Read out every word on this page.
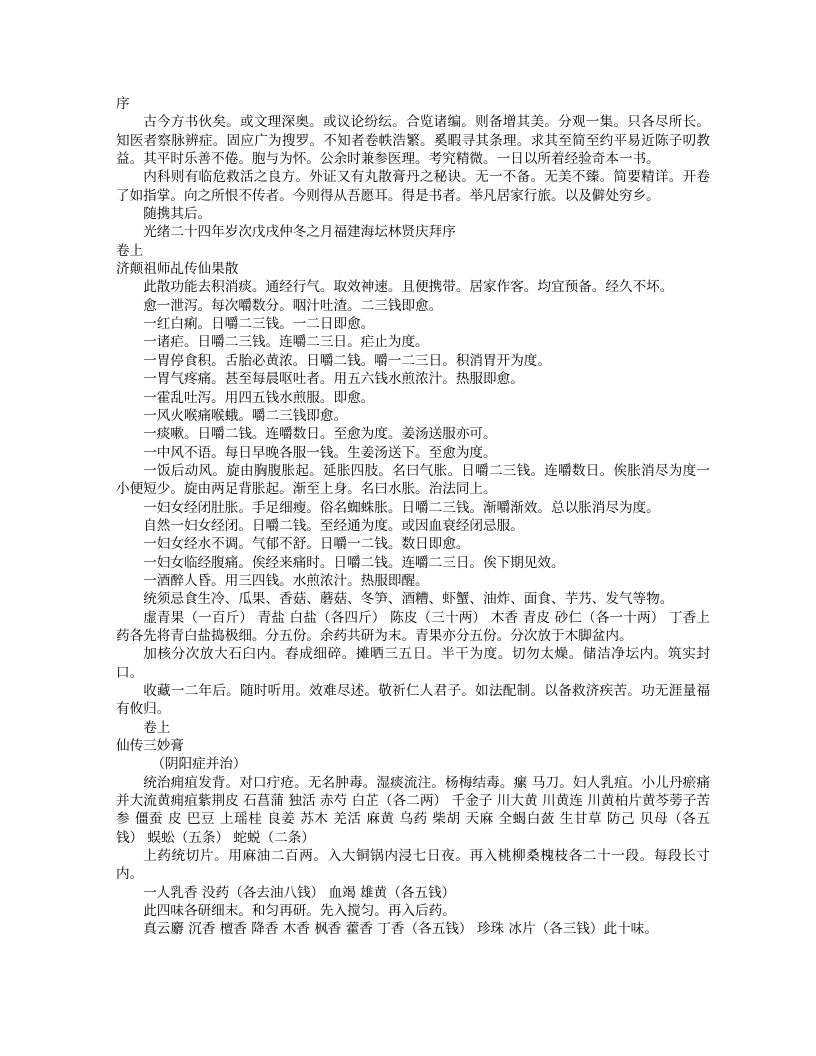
序

古今方书伙矣。或文理深奥。或议论纷纭。合览诸编。则备增其美。分观一集。只各尽所长。知医者察脉辨症。固应广为搜罗。不知者卷帙浩繁。奚暇寻其条理。求其至简至约平易近陈子叨教益。其平时乐善不倦。胞与为怀。公余时兼参医理。考究精微。一日以所着经验奇本一书。

内科则有临危救活之良方。外证又有丸散膏丹之秘诀。无一不备。无美不臻。简要精详。开卷了如指掌。向之所恨不传者。今则得从吾愿耳。得是书者。举凡居家行旅。以及僻处穷乡。

随携其后。

光绪二十四年岁次戊戌仲冬之月福建海坛林贤庆拜序

卷上
济颠祖师乩传仙果散

此散功能去积消痰。通经行气。取效神速。且便携带。居家作客。均宜预备。经久不坏。

愈一泄泻。每次嚼数分。咽汁吐渣。二三钱即愈。

一红白痢。日嚼二三钱。一二日即愈。

一诸疟。日嚼二三钱。连嚼二三日。疟止为度。

一胃停食积。舌胎必黄浓。日嚼二钱。嚼一二三日。积消胃开为度。

一胃气疼痛。甚至每晨呕吐者。用五六钱水煎浓汁。热服即愈。

一霍乱吐泻。用四五钱水煎服。即愈。

一风火喉痛喉蛾。嚼二三钱即愈。

一痰嗽。日嚼二钱。连嚼数日。至愈为度。姜汤送服亦可。

一中风不语。每日早晚各服一钱。生姜汤送下。至愈为度。

一饭后动风。旋由胸腹胀起。延胀四肢。名曰气胀。日嚼二三钱。连嚼数日。俟胀消尽为度一小便短少。旋由两足背胀起。渐至上身。名曰水胀。治法同上。

一妇女经闭肚胀。手足细瘦。俗名蜘蛛胀。日嚼二三钱。渐嚼渐效。总以胀消尽为度。

自然一妇女经闭。日嚼二钱。至经通为度。或因血衰经闭忌服。

一妇女经水不调。气郁不舒。日嚼一二钱。数日即愈。

一妇女临经腹痛。俟经来痛时。日嚼二钱。连嚼二三日。俟下期见效。

一酒醉人昏。用三四钱。水煎浓汁。热服即醒。

统须忌食生冷、瓜果、香菇、蘑菇、冬笋、酒糟、虾蟹、油炸、面食、芋艿、发气等物。

虚青果（一百斤） 青盐 白盐（各四斤） 陈皮（三十两） 木香 青皮 砂仁（各一十两） 丁香上药各先将青白盐捣极细。分五份。余药共研为末。青果亦分五份。分次放于木脚盆内。

加核分次放大石臼内。舂成细碎。摊晒三五日。半干为度。切勿太燥。储洁净坛内。筑实封口。

收藏一二年后。随时听用。效难尽述。敬祈仁人君子。如法配制。以备救济疾苦。功无涯量福有攸归。

卷上

仙传三妙膏
（阴阳症并治）

统治痈疽发背。对口疔疮。无名肿毒。湿痰流注。杨梅结毒。瘰 马刀。妇人乳疽。小儿丹瘀痛并大流黄痈疽紫荆皮 石菖蒲 独活 赤芍 白芷（各二两） 千金子 川大黄 川黄连 川黄柏片黄芩蒡子苦参 僵蚕 皮 巴豆 上瑶桂 良姜 苏木 羌活 麻黄 乌药 柴胡 天麻 全蝎白蔹 生甘草 防己 贝母（各五钱） 蜈蚣（五条） 蛇蜕（二条）

上药统切片。用麻油二百两。入大铜锅内浸七日夜。再入桃柳桑槐枝各二十一段。每段长寸内。

一人乳香 没药（各去油八钱） 血竭 雄黄（各五钱）

此四味各研细末。和匀再研。先入搅匀。再入后药。

真云麝 沉香 檀香 降香 木香 枫香 藿香 丁香（各五钱） 珍珠 冰片（各三钱）此十味。
